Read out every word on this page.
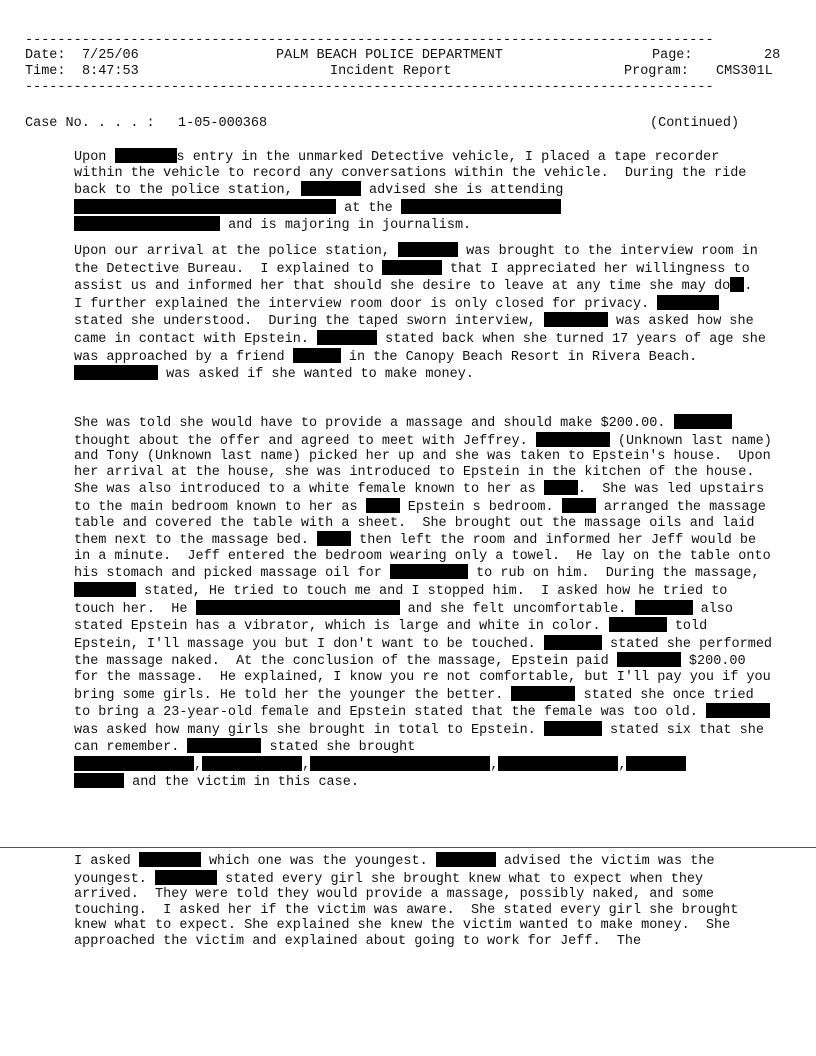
-------------------------------------------------------------------------------------
Date: 7/25/06
Time: 8:47:53
PALM BEACH POLICE DEPARTMENT
Incident Report
Page:	28
Program: CMS301L
-------------------------------------------------------------------------------------
Case No. . . . : 1-05-000368	(Continued)
Upon	s entry in the unmarked Detective vehicle, I placed a tape recorder within the vehicle to record any conversations within the vehicle.  During the ride back to the police station,	advised she is attending  at the
and is majoring in journalism.
Upon our arrival at the police station,	was brought to the interview room in the Detective Bureau.  I explained to	that I appreciated her willingness to assist us and informed her that should she desire to leave at any time she may do .  I further explained the interview room door is only closed for privacy.  stated she understood.  During the taped sworn interview,	was asked how she came in contact with Epstein.	stated back when she turned 17 years of age she was approached by a friend	in the Canopy Beach Resort in Rivera Beach.  was asked if she wanted to make money.
She was told she would have to provide a massage and should make $200.00.  thought about the offer and agreed to meet with Jeffrey.	(Unknown last name) and Tony (Unknown last name) picked her up and she was taken to Epstein's house.  Upon her arrival at the house, she was introduced to Epstein in the kitchen of the house.  She was also introduced to a white female known to her as	.  She was led upstairs to the main bedroom known to her as	Epstein s bedroom.	arranged the massage table and covered the table with a sheet.  She brought out the massage oils and laid them next to the massage bed.	then left the room and informed her Jeff would be in a minute.  Jeff entered the bedroom wearing only a towel.  He lay on the table onto his stomach and picked massage oil for	to rub on him.  During the massage,  stated, He tried to touch me and I stopped him.  I asked how he tried to touch her.  He	and she felt uncomfortable.	also stated Epstein has a vibrator, which is large and white in color.	told Epstein, I'll massage you but I don't want to be touched.	stated she performed the massage naked.  At the conclusion of the massage, Epstein paid	$200.00 for the massage.  He explained, I know you re not comfortable, but I'll pay you if you bring some girls. He told her the younger the better.	stated she once tried to bring a 23-year-old female and Epstein stated that the female was too old.  was asked how many girls she brought in total to Epstein.	stated six that she can remember.	stated she brought
,	,	,	,
and the victim in this case.
I asked	which one was the youngest.	advised the victim was the youngest.	stated every girl she brought knew what to expect when they arrived.  They were told they would provide a massage, possibly naked, and some touching.  I asked her if the victim was aware.  She stated every girl she brought knew what to expect. She explained she knew the victim wanted to make money.  She approached the victim and explained about going to work for Jeff.  The
